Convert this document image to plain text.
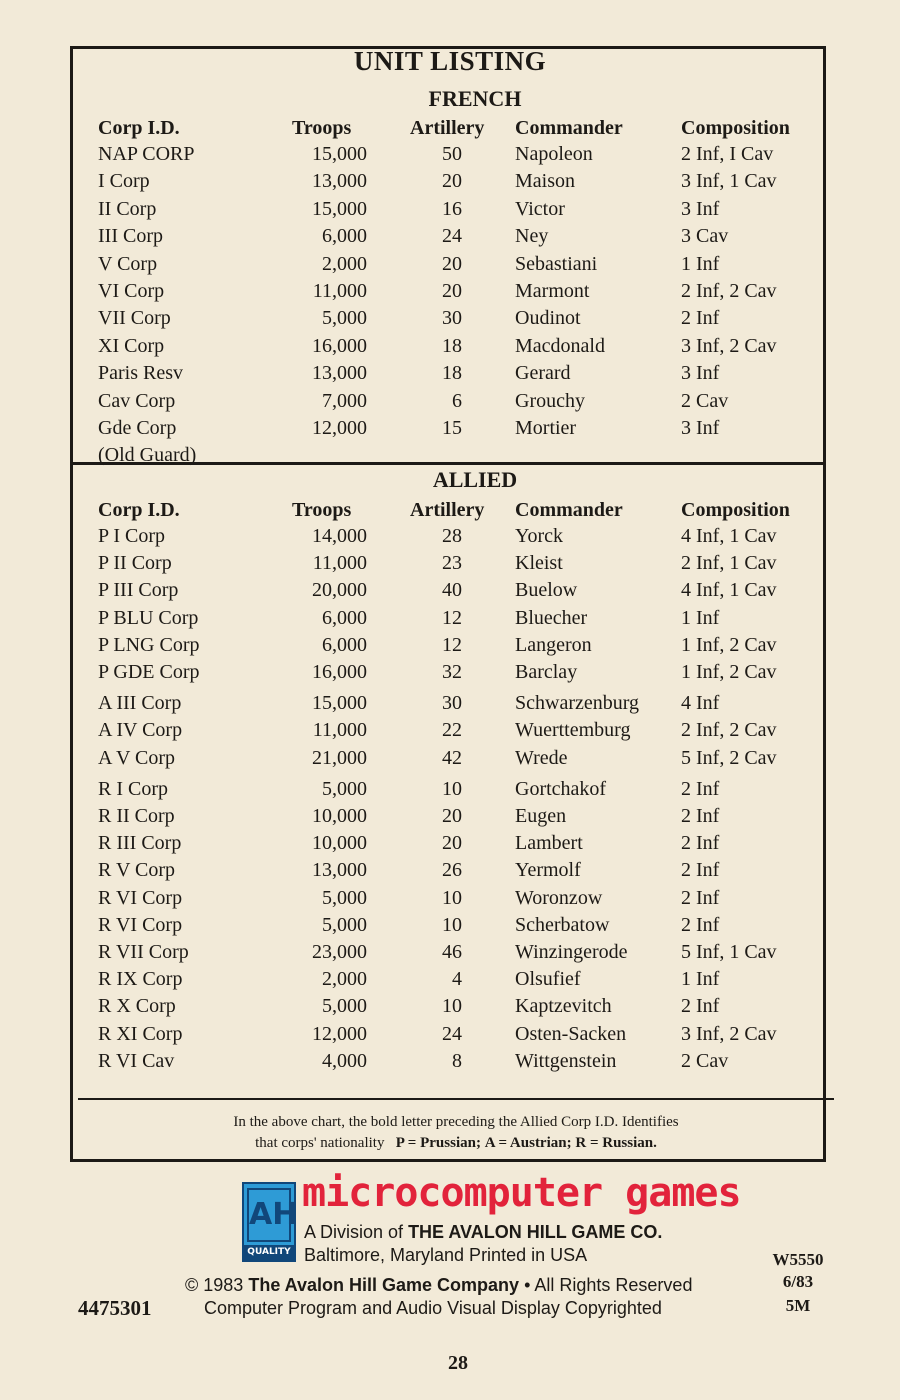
UNIT LISTING
FRENCH
ALLIED
Corp I.D.	Troops	Artillery Commander	Composition
NAP CORP	15,000	50	Napoleon	2 Inf, I Cav
I Corp	13,000	20	Maison	3 Inf, 1 Cav
II Corp	15,000	16	Victor	3 Inf
III Corp	6,000	24	Ney	3 Cav
V Corp	2,000	20	Sebastiani	1 Inf
VI Corp	11,000	20	Marmont	2 Inf, 2 Cav
VII Corp	5,000	30	Oudinot	2 Inf
XI Corp	16,000	18	Macdonald	3 Inf, 2 Cav
Paris Resv	13,000	18	Gerard	3 Inf
Cav Corp	7,000	6	Grouchy	2 Cav
Gde Corp	12,000	15	Mortier	3 Inf
(Old Guard)
Corp I.D.	Troops	Artillery Commander	Composition
P I Corp	14,000	28	Yorck	4 Inf, 1 Cav
P II Corp	11,000	23	Kleist	2 Inf, 1 Cav
P III Corp	20,000	40	Buelow	4 Inf, 1 Cav
P BLU Corp	6,000	12	Bluecher	1 Inf
P LNG Corp	6,000	12	Langeron	1 Inf, 2 Cav
P GDE Corp	16,000	32	Barclay	1 Inf, 2 Cav
A III Corp	15,000	30	Schwarzenburg 4 Inf
A IV Corp	11,000	22	Wuerttemburg	2 Inf, 2 Cav
A V Corp	21,000	42	Wrede	5 Inf, 2 Cav
R I Corp	5,000	10	Gortchakof	2 Inf
R II Corp	10,000	20	Eugen	2 Inf
R III Corp	10,000	20	Lambert	2 Inf
R V Corp	13,000	26	Yermolf	2 Inf
R VI Corp	5,000	10	Woronzow	2 Inf
R VI Corp	5,000	10	Scherbatow	2 Inf
R VII Corp	23,000	46	Winzingerode	5 Inf, 1 Cav
R IX Corp	2,000	4	Olsufief	1 Inf
R X Corp	5,000	10	Kaptzevitch	2 Inf
R XI Corp	12,000	24	Osten-Sacken	3 Inf, 2 Cav
R VI Cav	4,000	8	Wittgenstein	2 Cav
In the above chart, the bold letter preceding the Allied Corp I.D. Identifies
that corps' nationality P = Prussian; A = Austrian; R = Russian.
AH
QUALITY
microcomputer games
A Division of THE AVALON HILL GAME CO.
Baltimore, Maryland Printed in USA
© 1983 The Avalon Hill Game Company • All Rights Reserved
Computer Program and Audio Visual Display Copyrighted
4475301
W5550
6/83
5M
28
